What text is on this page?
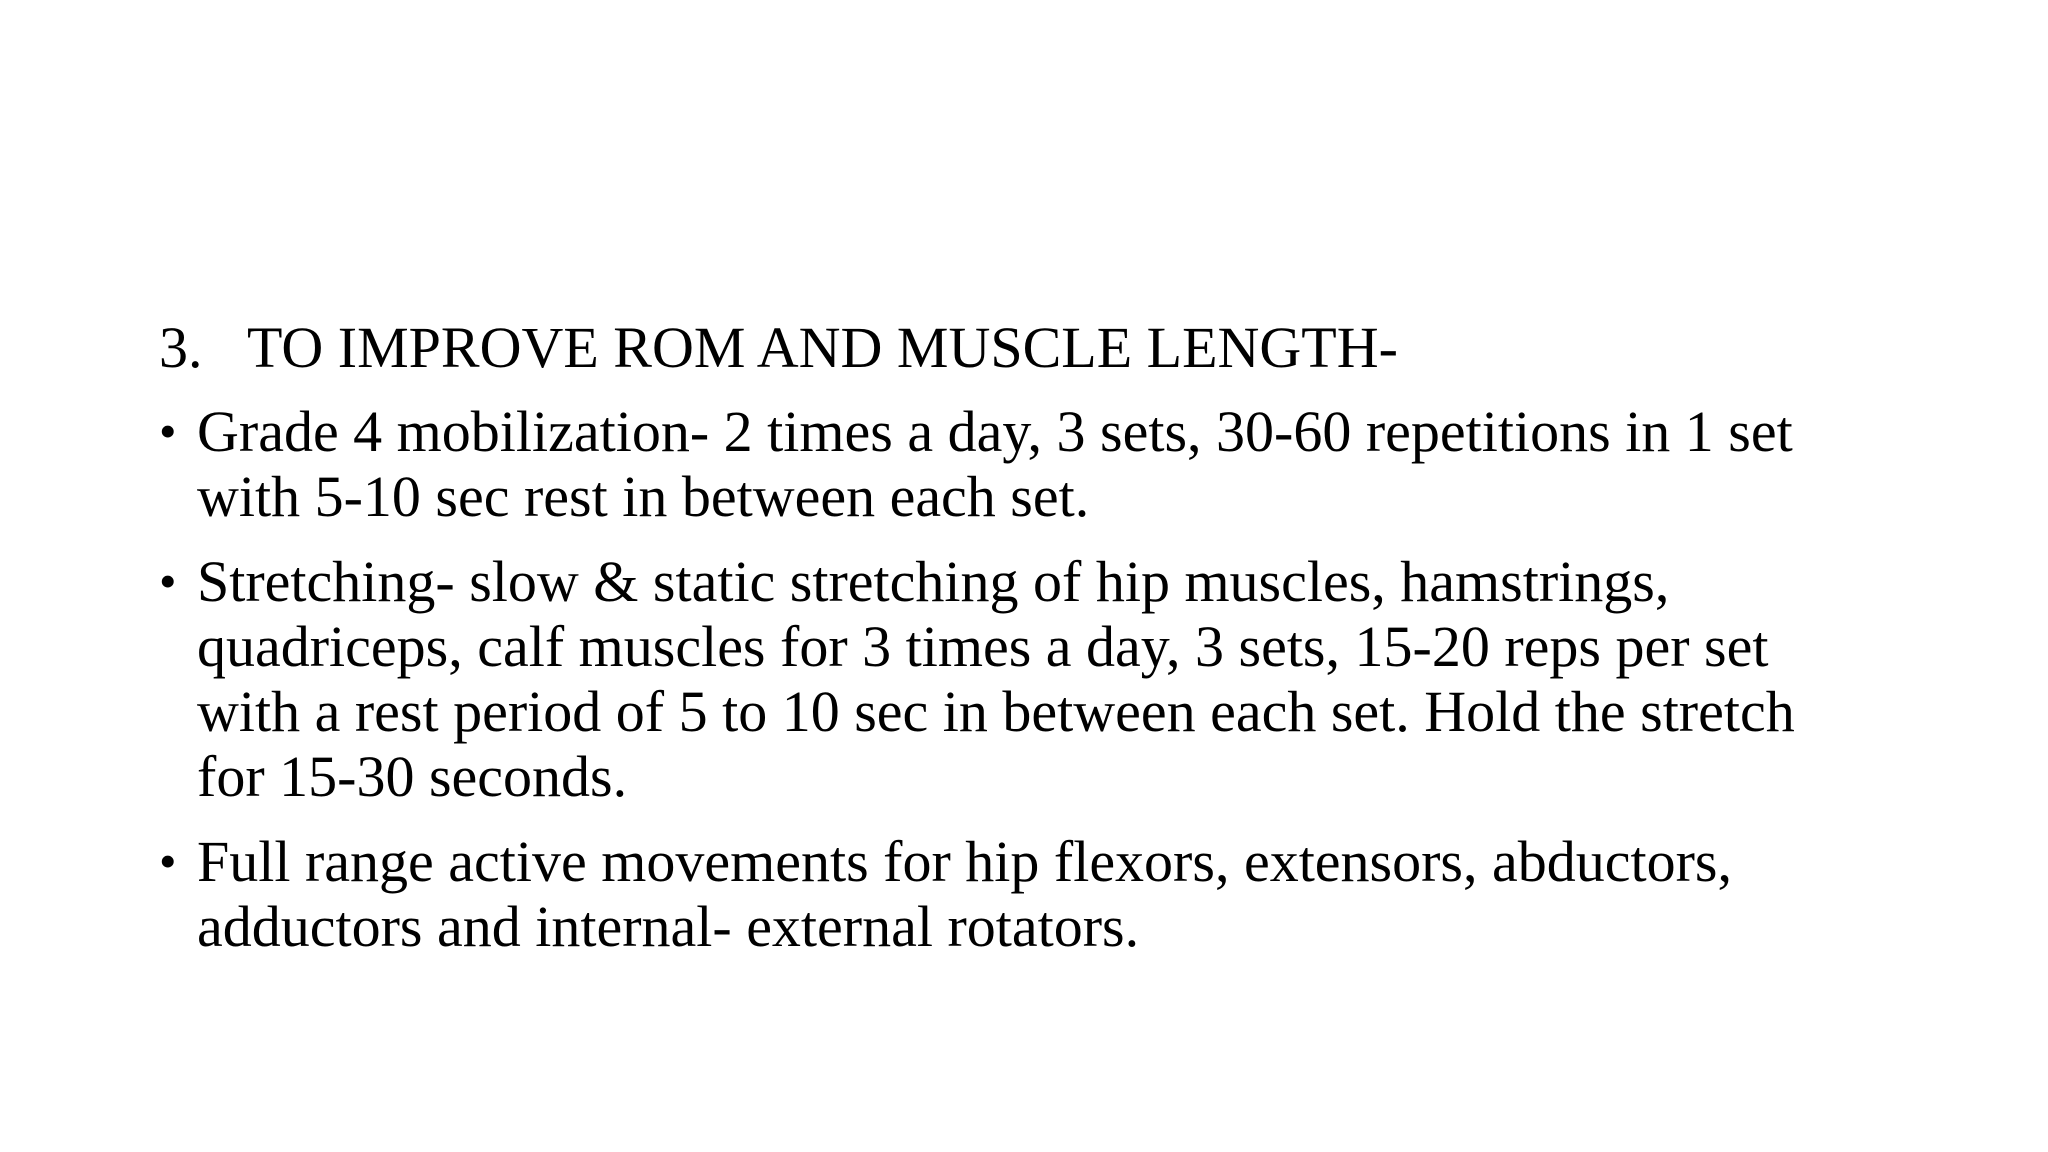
3. TO IMPROVE ROM AND MUSCLE LENGTH-
• Grade 4 mobilization- 2 times a day, 3 sets, 30-60 repetitions in 1 set
with 5-10 sec rest in between each set.
• Stretching- slow & static stretching of hip muscles, hamstrings,
quadriceps, calf muscles for 3 times a day, 3 sets, 15-20 reps per set
with a rest period of 5 to 10 sec in between each set. Hold the stretch
for 15-30 seconds.
• Full range active movements for hip flexors, extensors, abductors,
adductors and internal- external rotators.
